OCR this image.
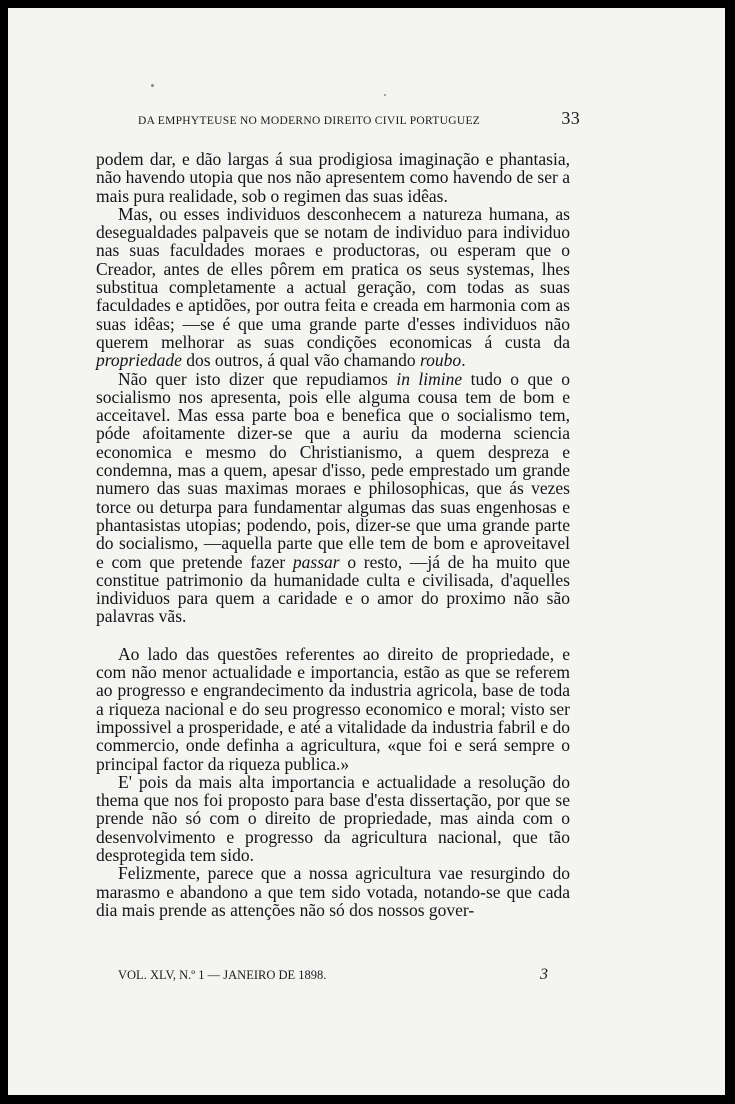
DA EMPHYTEUSE NO MODERNO DIREITO CIVIL PORTUGUEZ	33

podem dar, e dão largas á sua prodigiosa imaginação e phantasia, não havendo utopia que nos não apresentem como havendo de ser a mais pura realidade, sob o regimen das suas idêas.

Mas, ou esses individuos desconhecem a natureza humana, as desegualdades palpaveis que se notam de individuo para individuo nas suas faculdades moraes e productoras, ou esperam que o Creador, antes de elles pôrem em pratica os seus systemas, lhes substitua completamente a actual geração, com todas as suas faculdades e aptidões, por outra feita e creada em harmonia com as suas idêas; —se é que uma grande parte d'esses individuos não querem melhorar as suas condições economicas á custa da propriedade dos outros, á qual vão chamando roubo.

Não quer isto dizer que repudiamos in limine tudo o que o socialismo nos apresenta, pois elle alguma cousa tem de bom e acceitavel. Mas essa parte boa e benefica que o socialismo tem, póde afoitamente dizer-se que a auriu da moderna sciencia economica e mesmo do Christianismo, a quem despreza e condemna, mas a quem, apesar d'isso, pede emprestado um grande numero das suas maximas moraes e philosophicas, que ás vezes torce ou deturpa para fundamentar algumas das suas engenhosas e phantasistas utopias; podendo, pois, dizer-se que uma grande parte do socialismo, —aquella parte que elle tem de bom e aproveitavel e com que pretende fazer passar o resto, —já de ha muito que constitue patrimonio da humanidade culta e civilisada, d'aquelles individuos para quem a caridade e o amor do proximo não são palavras vãs.

Ao lado das questões referentes ao direito de propriedade, e com não menor actualidade e importancia, estão as que se referem ao progresso e engrandecimento da industria agricola, base de toda a riqueza nacional e do seu progresso economico e moral; visto ser impossivel a prosperidade, e até a vitalidade da industria fabril e do commercio, onde definha a agricultura, «que foi e será sempre o principal factor da riqueza publica.»

E' pois da mais alta importancia e actualidade a resolução do thema que nos foi proposto para base d'esta dissertação, por que se prende não só com o direito de propriedade, mas ainda com o desenvolvimento e progresso da agricultura nacional, que tão desprotegida tem sido.

Felizmente, parece que a nossa agricultura vae resurgindo do marasmo e abandono a que tem sido votada, notando-se que cada dia mais prende as attenções não só dos nossos gover-

VOL. XLV, N.º 1 — JANEIRO DE 1898.	3
